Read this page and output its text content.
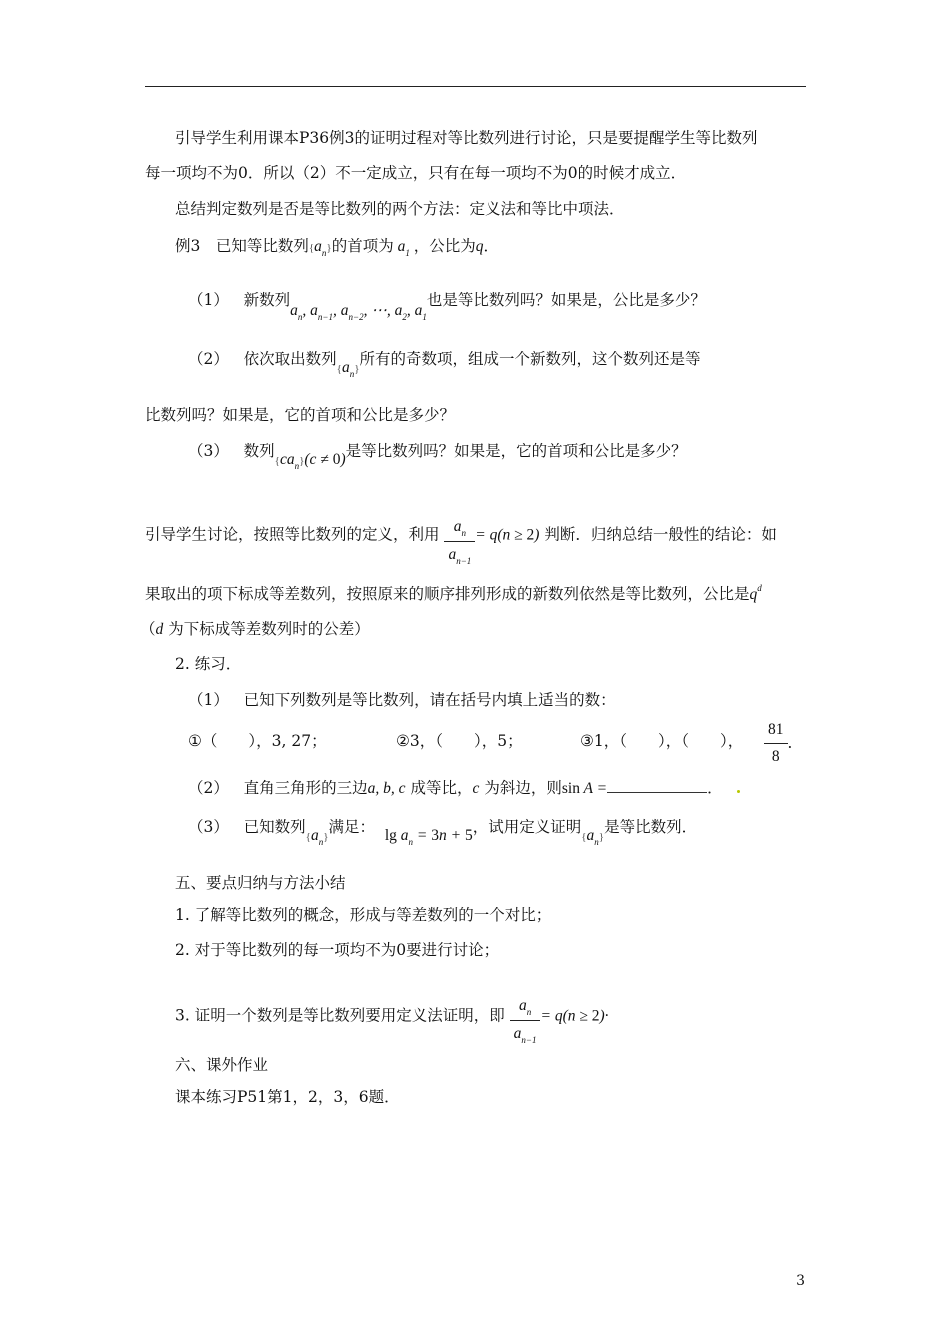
引导学生利用课本P36例3的证明过程对等比数列进行讨论，只是要提醒学生等比数列
每一项均不为0．所以（2）不一定成立，只有在每一项均不为0的时候才成立．
总结判定数列是否是等比数列的两个方法：定义法和等比中项法．
例3　已知等比数列$\{a_n\}$的首项为 $a_1$ ，公比为q．
（1） 新数列$a_n$, $a_{n-1}$, $a_{n-2}$, ⋯, $a_2$, $a_1$也是等比数列吗？如果是，公比是多少？
（2） 依次取出数列$\{a_n\}$所有的奇数项，组成一个新数列，这个数列还是等
比数列吗？如果是，它的首项和公比是多少？
（3） 数列$\{ca_n\}(c \ne 0)$是等比数列吗？如果是，它的首项和公比是多少？
引导学生讨论，按照等比数列的定义，利用 $\frac{a_n}{a_{n-1}} = q(n \ge 2)$ 判断．归纳总结一般性的结论：如
果取出的项下标成等差数列，按照原来的顺序排列形成的新数列依然是等比数列，公比是$q^d$
（d 为下标成等差数列时的公差）
2. 练习．
（1） 已知下列数列是等比数列，请在括号内填上适当的数：
①（　　），3, 27；	②3，（　　），5；	③1，（　　），（　　）， $\frac{81}{8}$ ．
（2） 直角三角形的三边a, b, c 成等比，c 为斜边，则sin A =	．
（3） 已知数列$\{a_n\}$满足： $\lg a_n = 3n + 5$，试用定义证明$\{a_n\}$是等比数列．
五、要点归纳与方法小结
1. 了解等比数列的概念，形成与等差数列的一个对比；
2. 对于等比数列的每一项均不为0要进行讨论；
3. 证明一个数列是等比数列要用定义法证明，即 $\frac{a_n}{a_{n-1}} = q(n \ge 2)\cdot$
六、课外作业
课本练习P51第1，2，3，6题．
3
